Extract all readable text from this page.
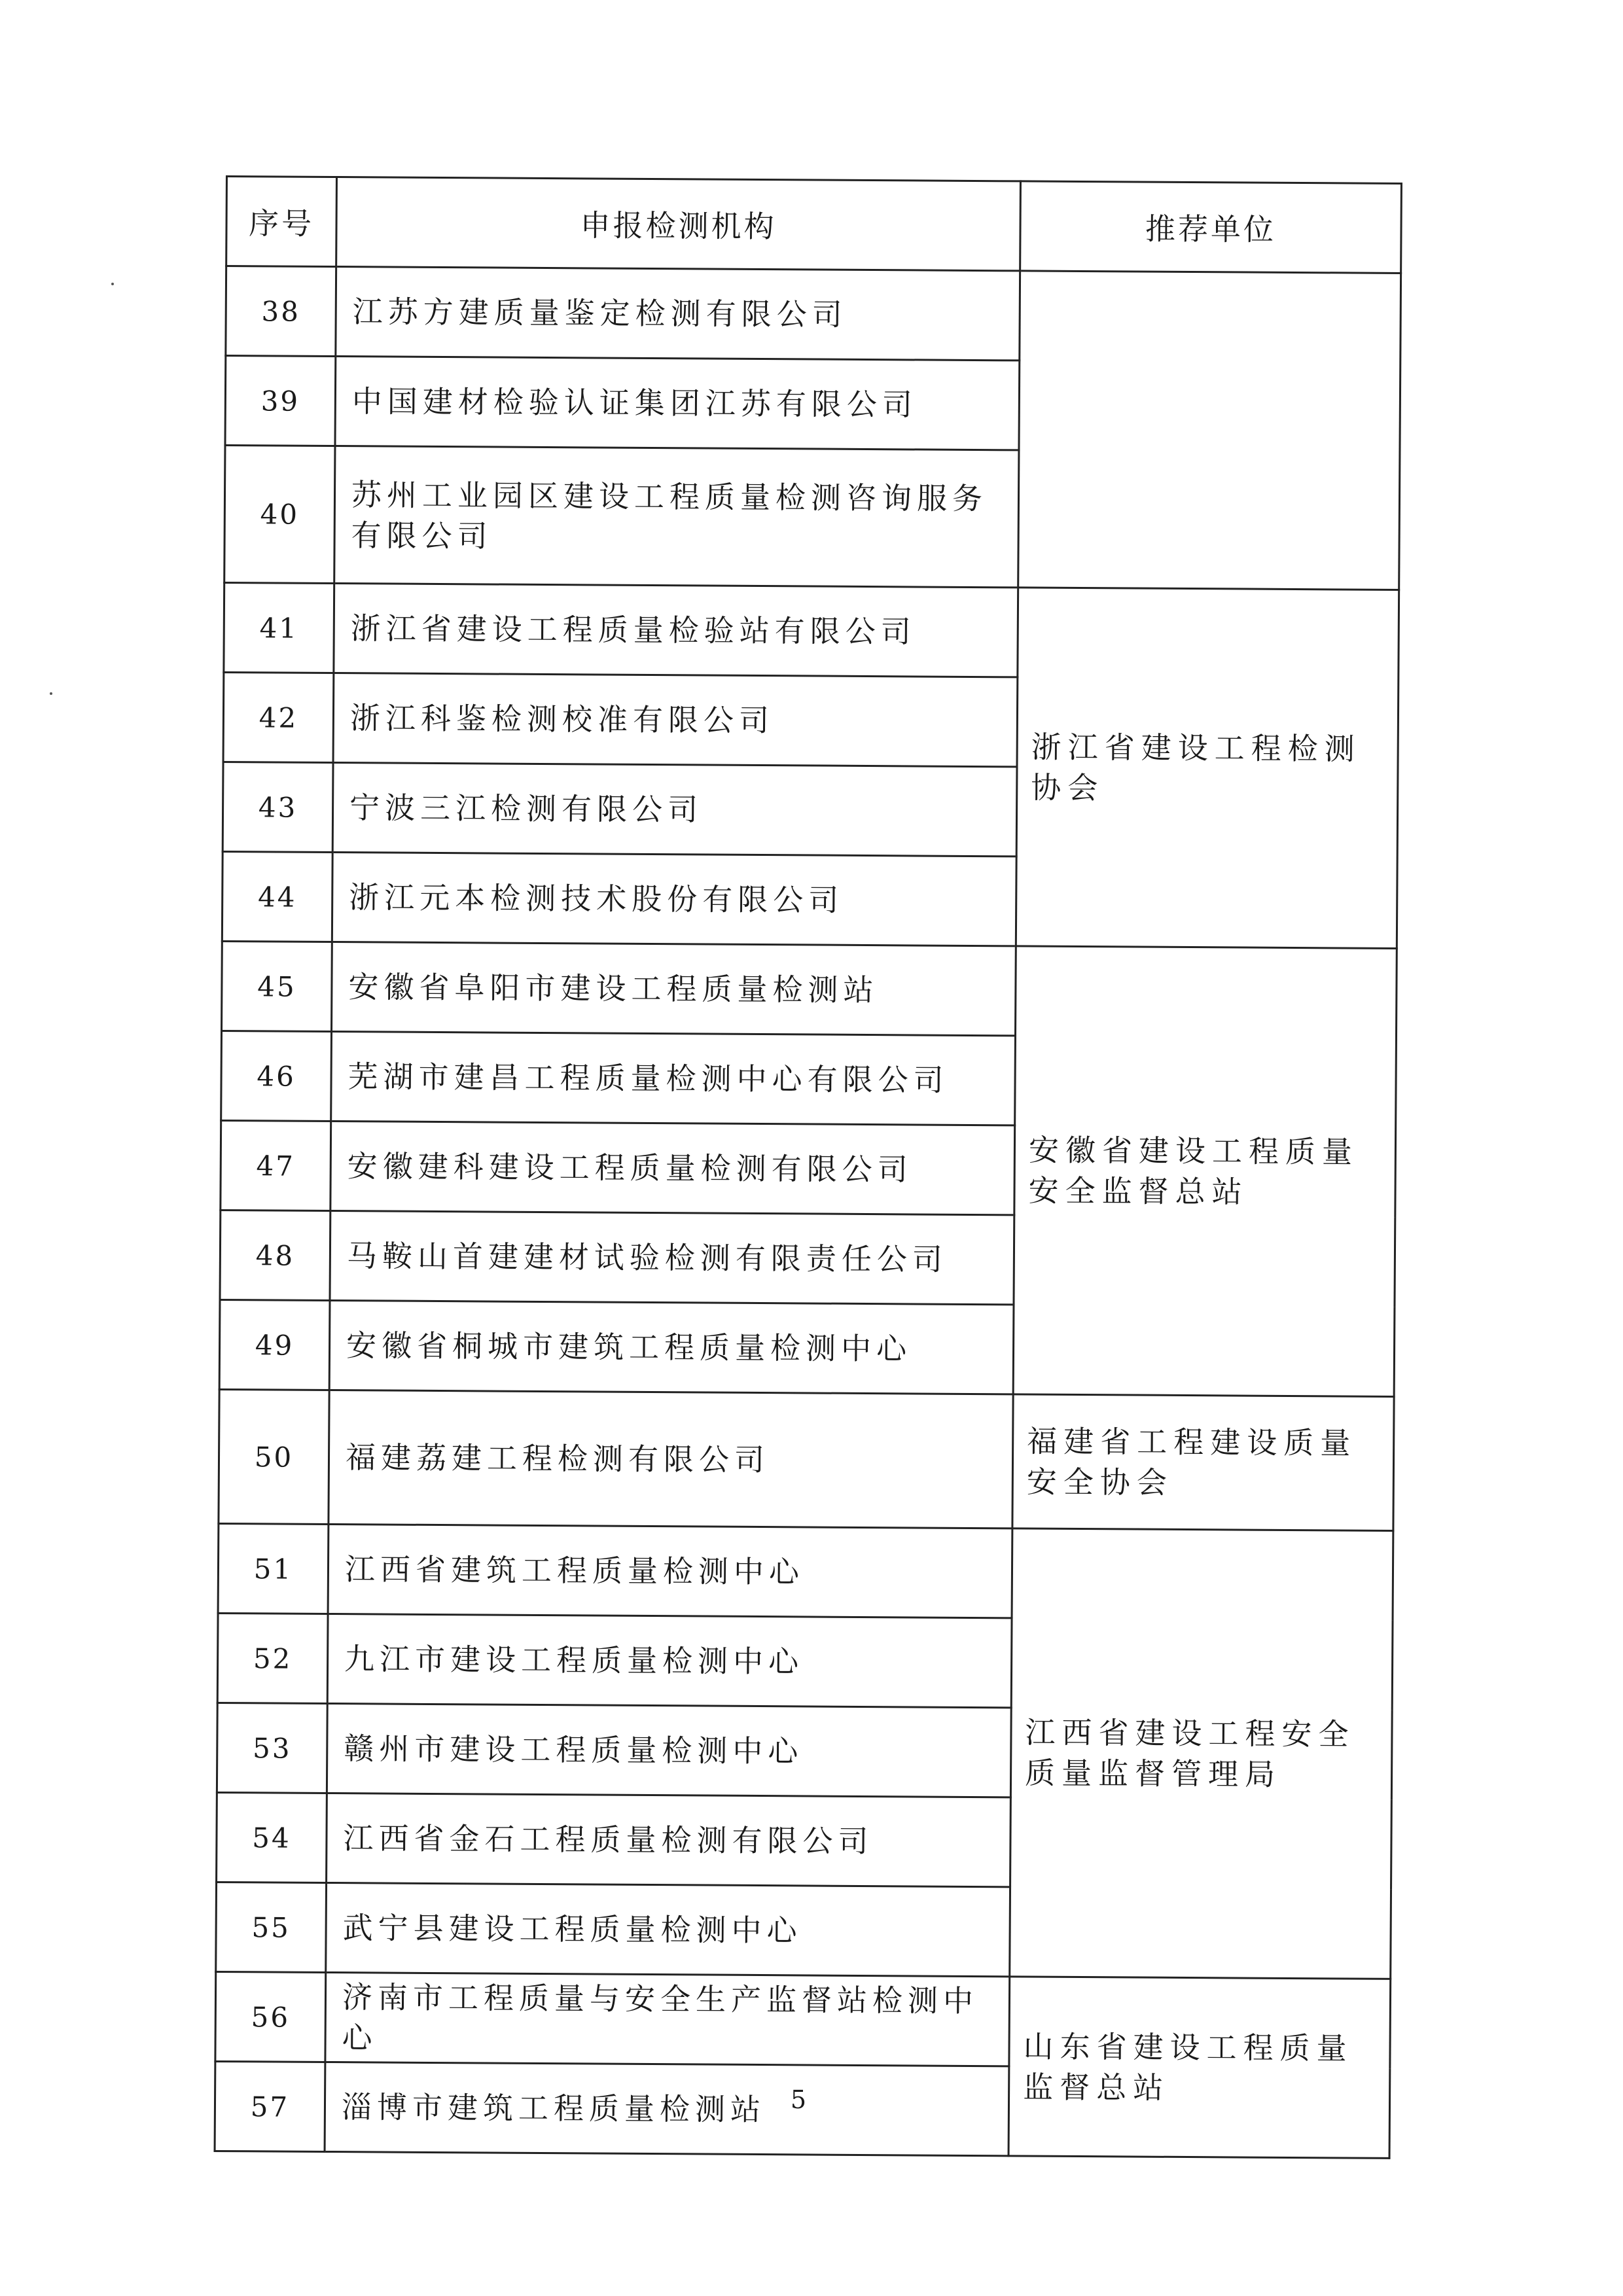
序号	申报检测机构	推荐单位
38	江苏方建质量鉴定检测有限公司	
39	中国建材检验认证集团江苏有限公司	
40	苏州工业园区建设工程质量检测咨询服务有限公司	
41	浙江省建设工程质量检验站有限公司	浙江省建设工程检测协会
42	浙江科鉴检测校准有限公司	
43	宁波三江检测有限公司	
44	浙江元本检测技术股份有限公司	
45	安徽省阜阳市建设工程质量检测站	安徽省建设工程质量安全监督总站
46	芜湖市建昌工程质量检测中心有限公司	
47	安徽建科建设工程质量检测有限公司	
48	马鞍山首建建材试验检测有限责任公司	
49	安徽省桐城市建筑工程质量检测中心	
50	福建荔建工程检测有限公司	福建省工程建设质量安全协会
51	江西省建筑工程质量检测中心	江西省建设工程安全质量监督管理局
52	九江市建设工程质量检测中心	
53	赣州市建设工程质量检测中心	
54	江西省金石工程质量检测有限公司	
55	武宁县建设工程质量检测中心	
56	济南市工程质量与安全生产监督站检测中心	山东省建设工程质量监督总站
57	淄博市建筑工程质量检测站	5
